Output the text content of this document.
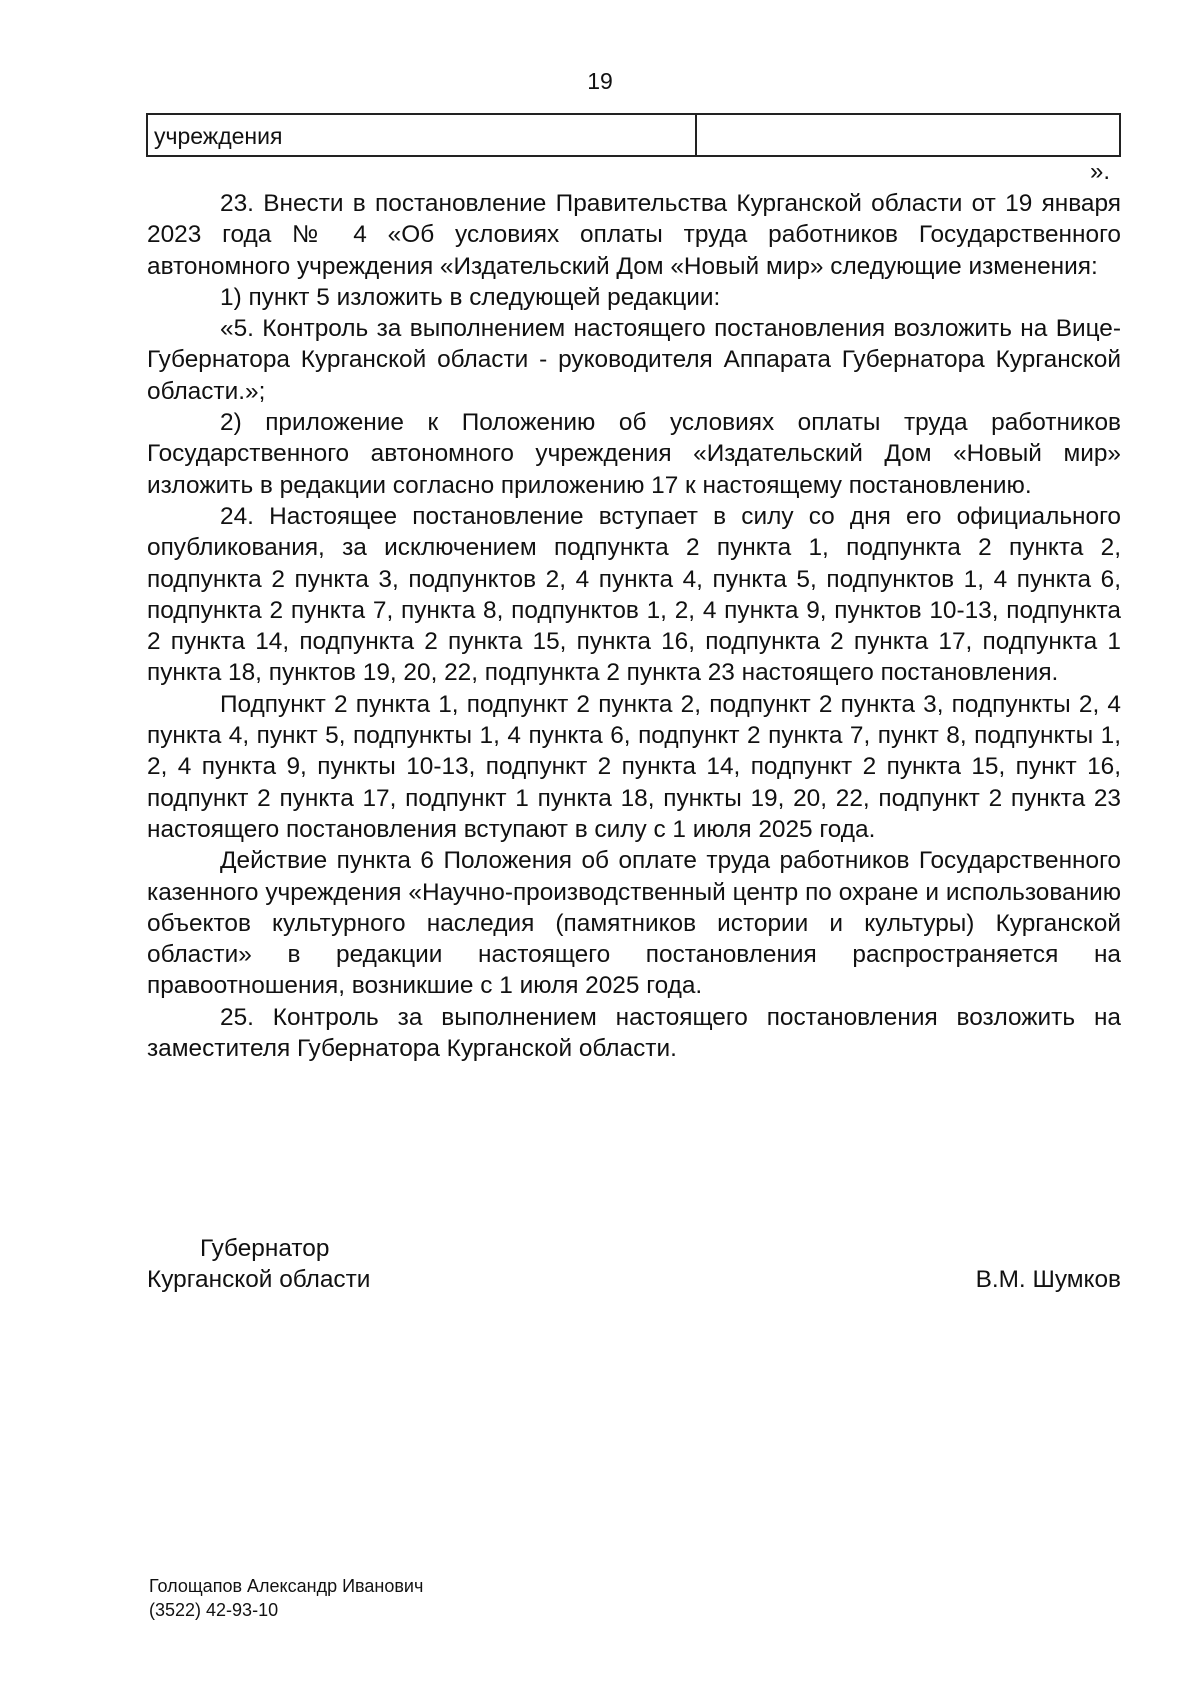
19
учреждения
».

23. Внести в постановление Правительства Курганской области от 19 января 2023 года № 4 «Об условиях оплаты труда работников Государственного автономного учреждения «Издательский Дом «Новый мир» следующие изменения:

1) пункт 5 изложить в следующей редакции:

«5. Контроль за выполнением настоящего постановления возложить на Вице-Губернатора Курганской области - руководителя Аппарата Губернатора Курганской области.»;

2) приложение к Положению об условиях оплаты труда работников Государственного автономного учреждения «Издательский Дом «Новый мир» изложить в редакции согласно приложению 17 к настоящему постановлению.

24. Настоящее постановление вступает в силу со дня его официального опубликования, за исключением подпункта 2 пункта 1, подпункта 2 пункта 2, подпункта 2 пункта 3, подпунктов 2, 4 пункта 4, пункта 5, подпунктов 1, 4 пункта 6, подпункта 2 пункта 7, пункта 8, подпунктов 1, 2, 4 пункта 9, пунктов 10-13, подпункта 2 пункта 14, подпункта 2 пункта 15, пункта 16, подпункта 2 пункта 17, подпункта 1 пункта 18, пунктов 19, 20, 22, подпункта 2 пункта 23 настоящего постановления.

Подпункт 2 пункта 1, подпункт 2 пункта 2, подпункт 2 пункта 3, подпункты 2, 4 пункта 4, пункт 5, подпункты 1, 4 пункта 6, подпункт 2 пункта 7, пункт 8, подпункты 1, 2, 4 пункта 9, пункты 10-13, подпункт 2 пункта 14, подпункт 2 пункта 15, пункт 16, подпункт 2 пункта 17, подпункт 1 пункта 18, пункты 19, 20, 22, подпункт 2 пункта 23 настоящего постановления вступают в силу с 1 июля 2025 года.

Действие пункта 6 Положения об оплате труда работников Государственного казенного учреждения «Научно-производственный центр по охране и использованию объектов культурного наследия (памятников истории и культуры) Курганской области» в редакции настоящего постановления распространяется на правоотношения, возникшие с 1 июля 2025 года.

25. Контроль за выполнением настоящего постановления возложить на заместителя Губернатора Курганской области.

Губернатор
Курганской области	В.М. Шумков
Голощапов Александр Иванович
(3522) 42-93-10
